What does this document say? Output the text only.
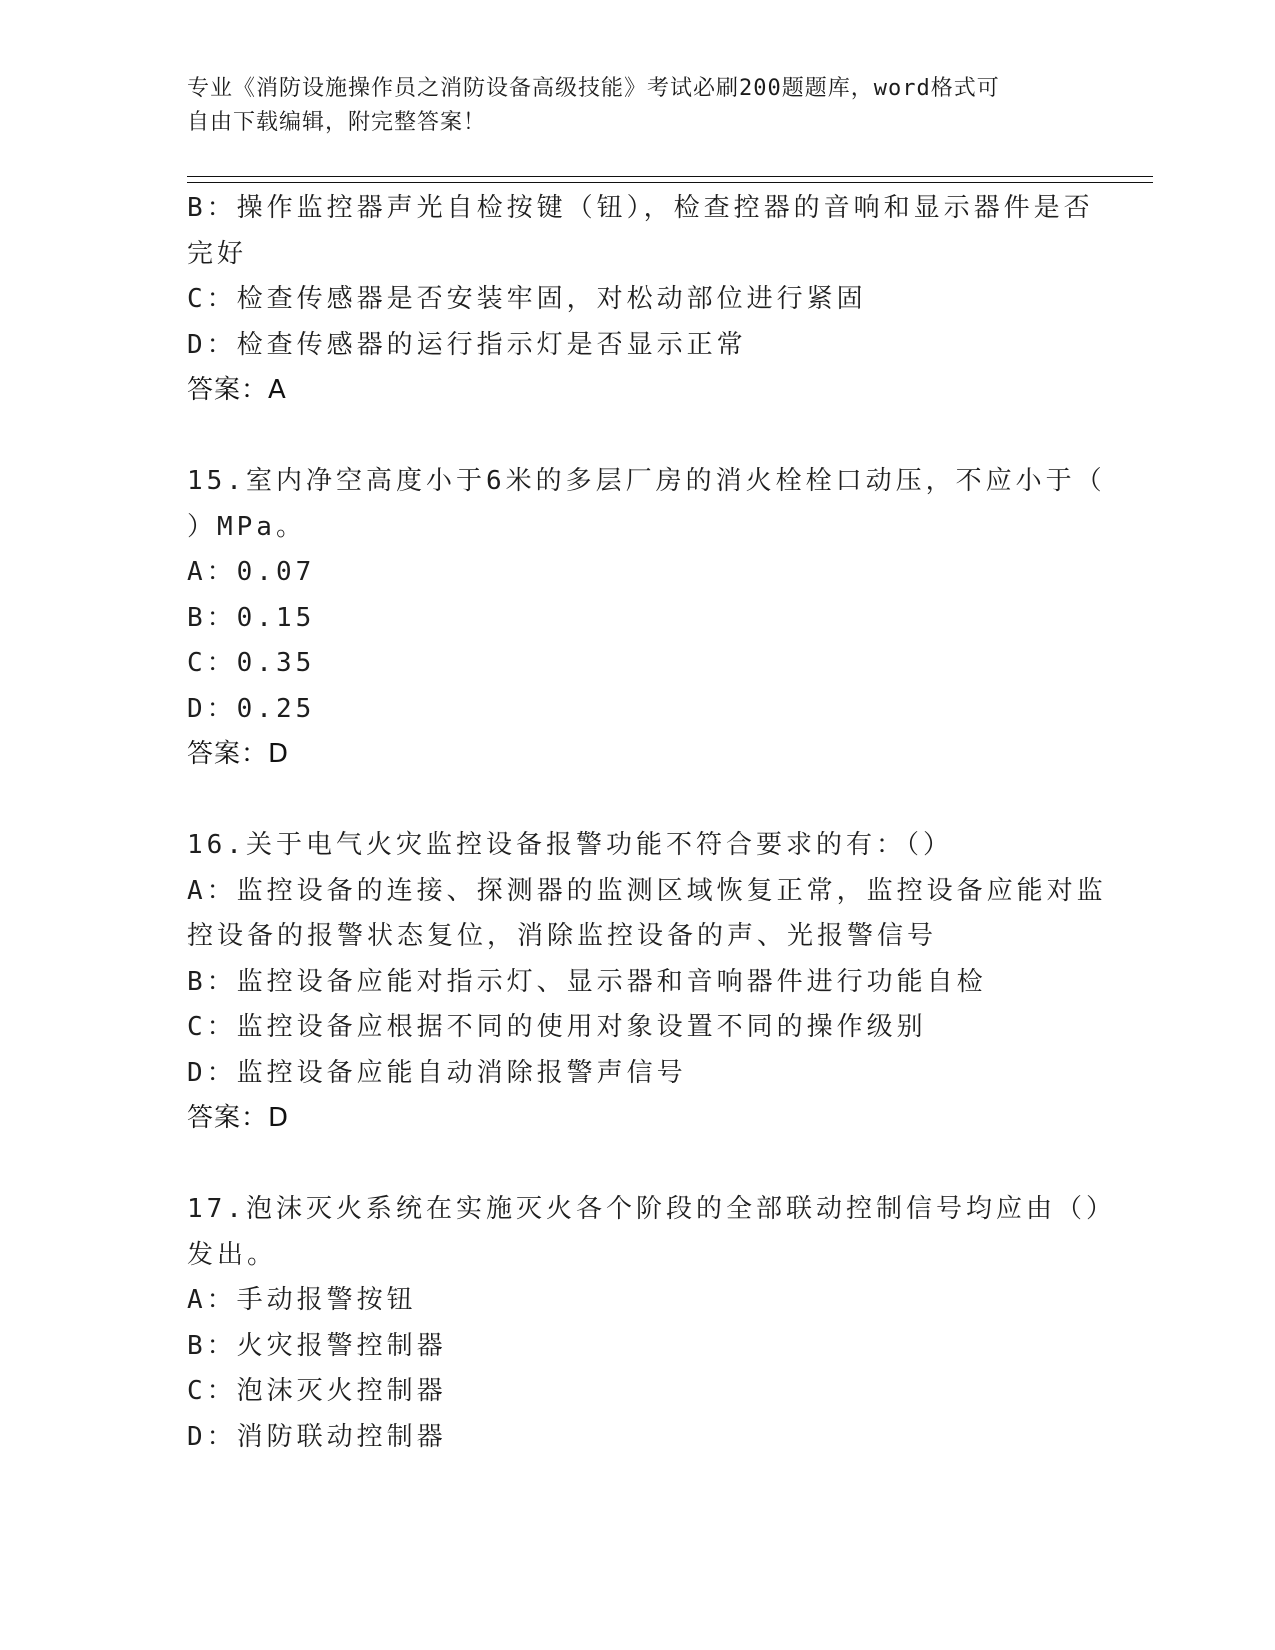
专业《消防设施操作员之消防设备高级技能》考试必刷200题题库，word格式可
自由下载编辑，附完整答案！
B：操作监控器声光自检按键（钮），检查控器的音响和显示器件是否
完好
C：检查传感器是否安装牢固，对松动部位进行紧固
D：检查传感器的运行指示灯是否显示正常
答案：A
15.室内净空高度小于6米的多层厂房的消火栓栓口动压，不应小于（
）MPa。
A：0.07
B：0.15
C：0.35
D：0.25
答案：D
16.关于电气火灾监控设备报警功能不符合要求的有：（）
A：监控设备的连接、探测器的监测区域恢复正常，监控设备应能对监
控设备的报警状态复位，消除监控设备的声、光报警信号
B：监控设备应能对指示灯、显示器和音响器件进行功能自检
C：监控设备应根据不同的使用对象设置不同的操作级别
D：监控设备应能自动消除报警声信号
答案：D
17.泡沫灭火系统在实施灭火各个阶段的全部联动控制信号均应由（）
发出。
A：手动报警按钮
B：火灾报警控制器
C：泡沫灭火控制器
D：消防联动控制器
